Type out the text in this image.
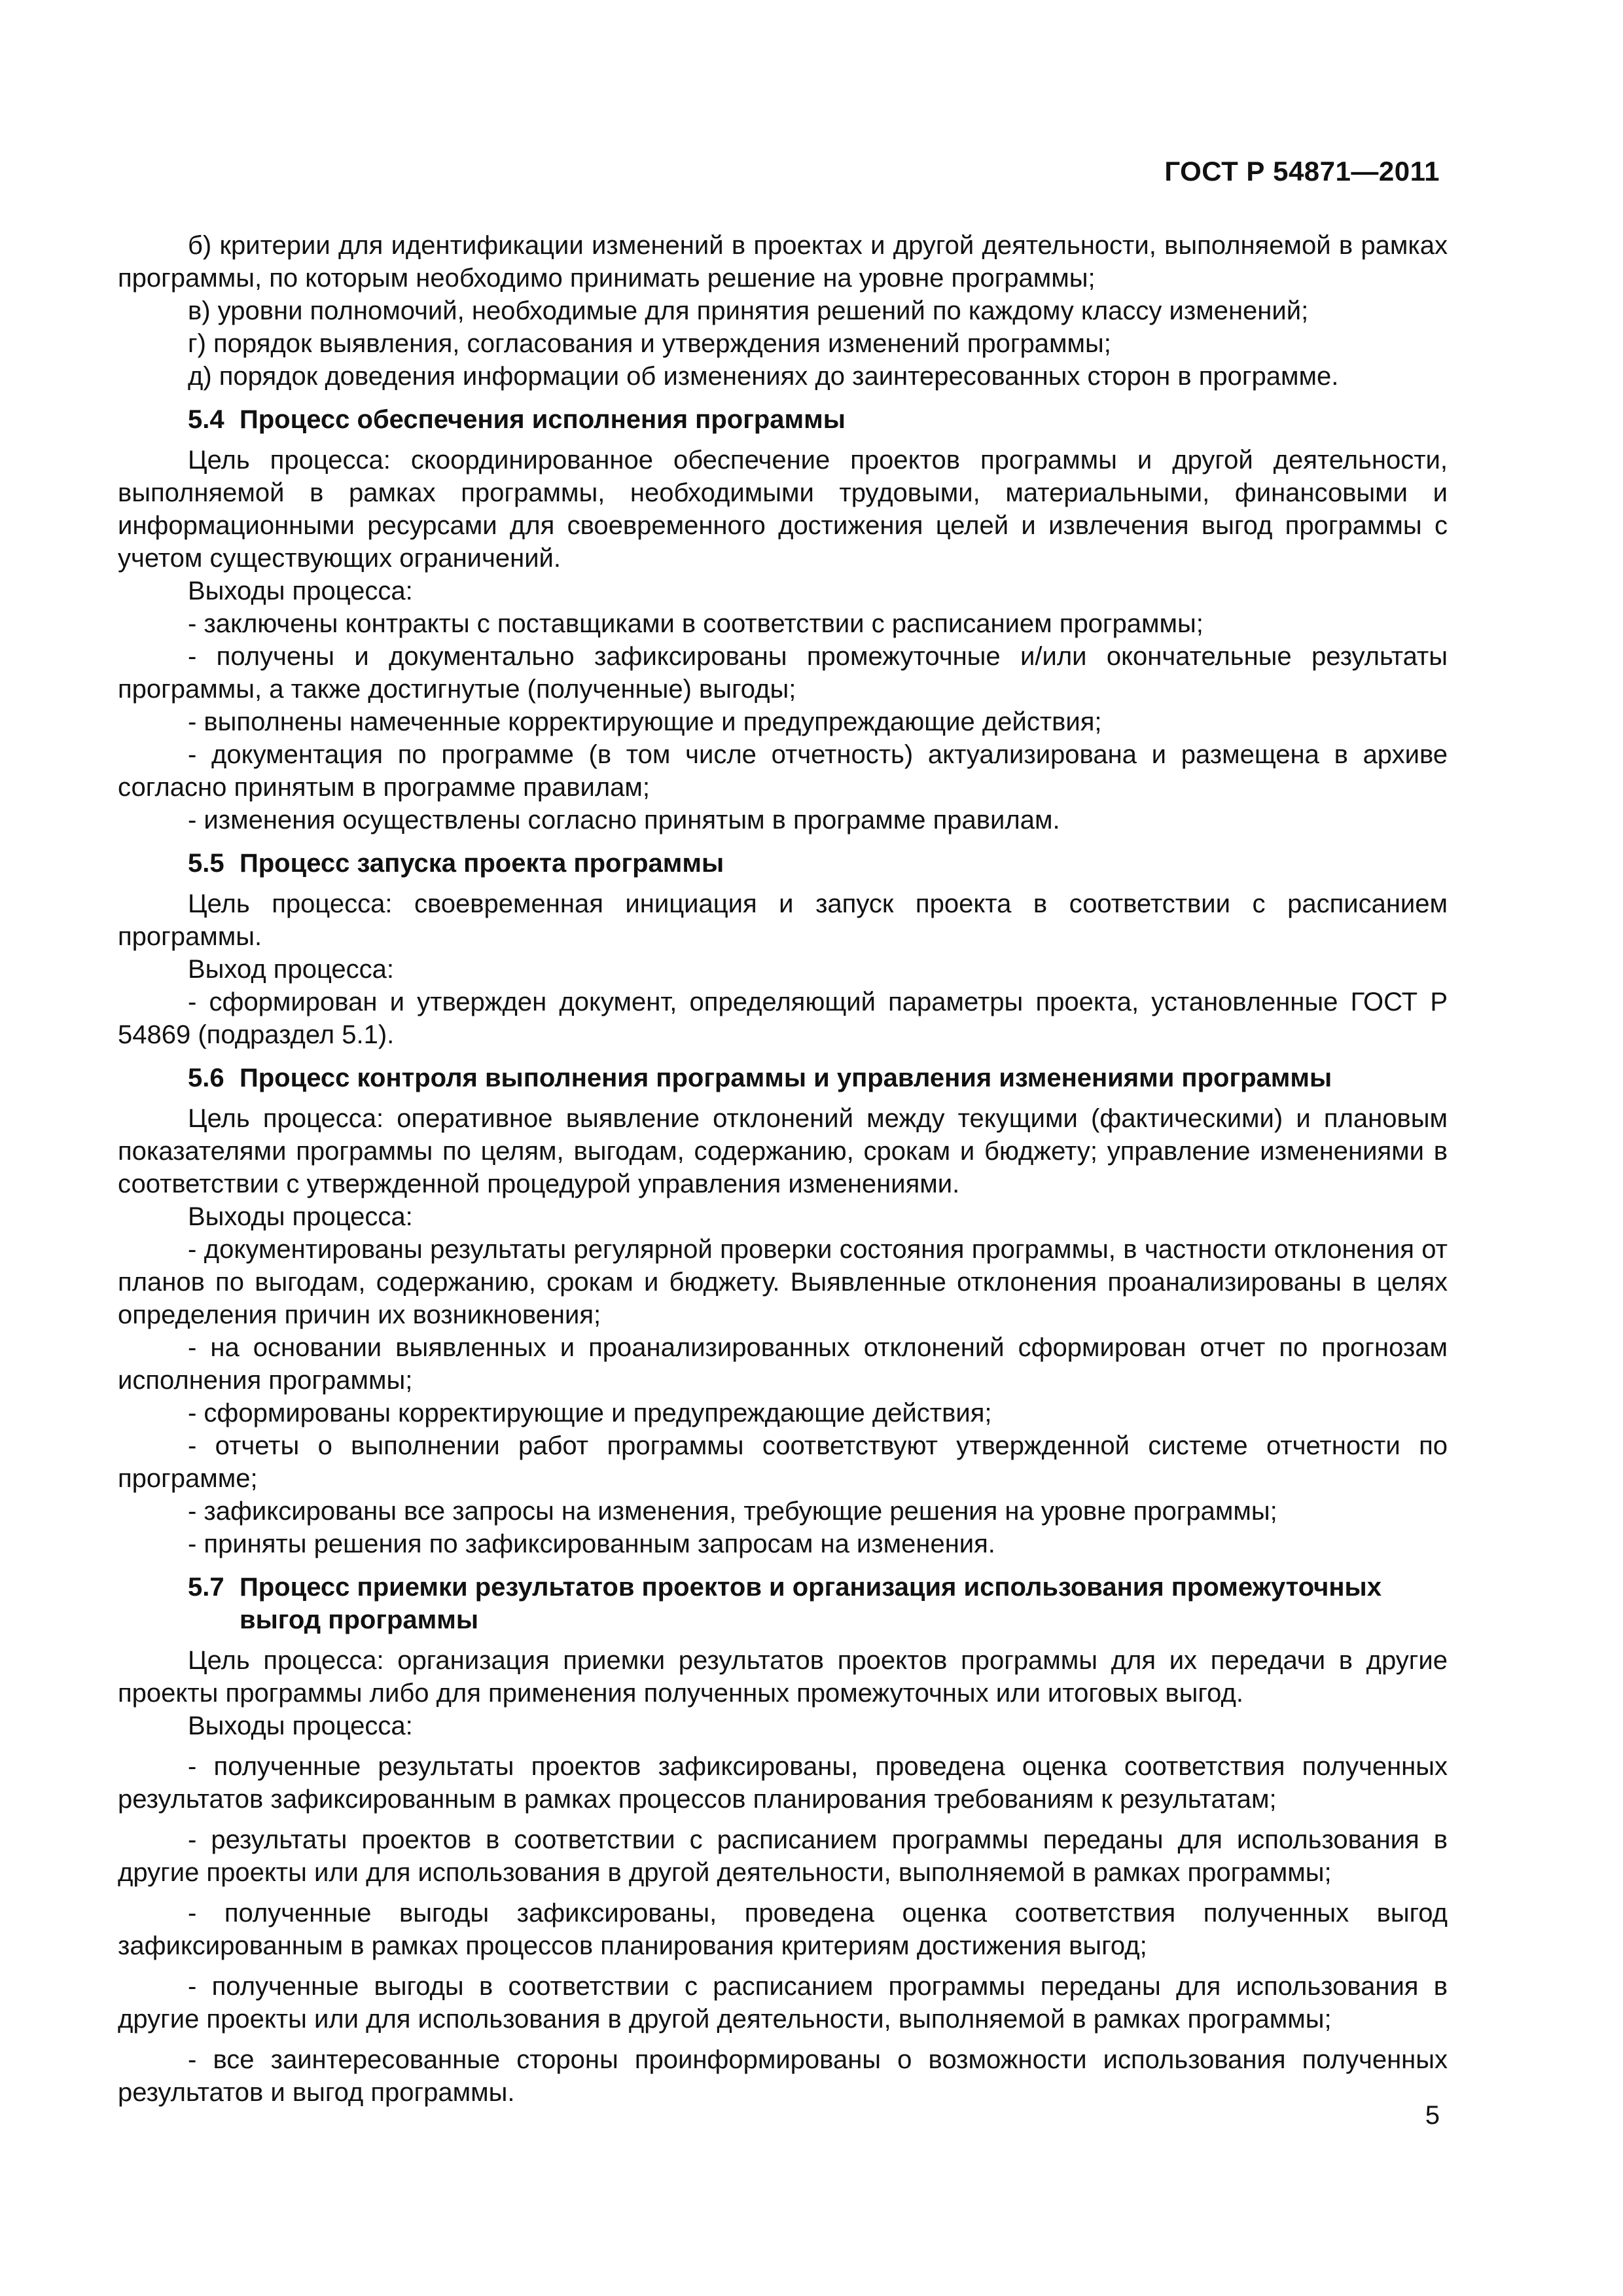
ГОСТ Р 54871—2011

б) критерии для идентификации изменений в проектах и другой деятельности, выполняемой в рамках программы, по которым необходимо принимать решение на уровне программы;

в) уровни полномочий, необходимые для принятия решений по каждому классу изменений;

г) порядок выявления, согласования и утверждения изменений программы;

д) порядок доведения информации об изменениях до заинтересованных сторон в программе.

5.4 Процесс обеспечения исполнения программы

Цель процесса: скоординированное обеспечение проектов программы и другой деятельности, выполняемой в рамках программы, необходимыми трудовыми, материальными, финансовыми и информационными ресурсами для своевременного достижения целей и извлечения выгод программы с учетом существующих ограничений.

Выходы процесса:

- заключены контракты с поставщиками в соответствии с расписанием программы;

- получены и документально зафиксированы промежуточные и/или окончательные результаты программы, а также достигнутые (полученные) выгоды;

- выполнены намеченные корректирующие и предупреждающие действия;

- документация по программе (в том числе отчетность) актуализирована и размещена в архиве согласно принятым в программе правилам;

- изменения осуществлены согласно принятым в программе правилам.

5.5 Процесс запуска проекта программы

Цель процесса: своевременная инициация и запуск проекта в соответствии с расписанием программы.

Выход процесса:

- сформирован и утвержден документ, определяющий параметры проекта, установленные ГОСТ Р 54869 (подраздел 5.1).

5.6 Процесс контроля выполнения программы и управления изменениями программы

Цель процесса: оперативное выявление отклонений между текущими (фактическими) и плановым показателями программы по целям, выгодам, содержанию, срокам и бюджету; управление изменениями в соответствии с утвержденной процедурой управления изменениями.

Выходы процесса:

- документированы результаты регулярной проверки состояния программы, в частности отклонения от планов по выгодам, содержанию, срокам и бюджету. Выявленные отклонения проанализированы в целях определения причин их возникновения;

- на основании выявленных и проанализированных отклонений сформирован отчет по прогнозам исполнения программы;

- сформированы корректирующие и предупреждающие действия;

- отчеты о выполнении работ программы соответствуют утвержденной системе отчетности по программе;

- зафиксированы все запросы на изменения, требующие решения на уровне программы;

- приняты решения по зафиксированным запросам на изменения.

5.7 Процесс приемки результатов проектов и организация использования промежуточных выгод программы

Цель процесса: организация приемки результатов проектов программы для их передачи в другие проекты программы либо для применения полученных промежуточных или итоговых выгод.

Выходы процесса:

- полученные результаты проектов зафиксированы, проведена оценка соответствия полученных результатов зафиксированным в рамках процессов планирования требованиям к результатам;

- результаты проектов в соответствии с расписанием программы переданы для использования в другие проекты или для использования в другой деятельности, выполняемой в рамках программы;

- полученные выгоды зафиксированы, проведена оценка соответствия полученных выгод зафиксированным в рамках процессов планирования критериям достижения выгод;

- полученные выгоды в соответствии с расписанием программы переданы для использования в другие проекты или для использования в другой деятельности, выполняемой в рамках программы;

- все заинтересованные стороны проинформированы о возможности использования полученных результатов и выгод программы.

5
